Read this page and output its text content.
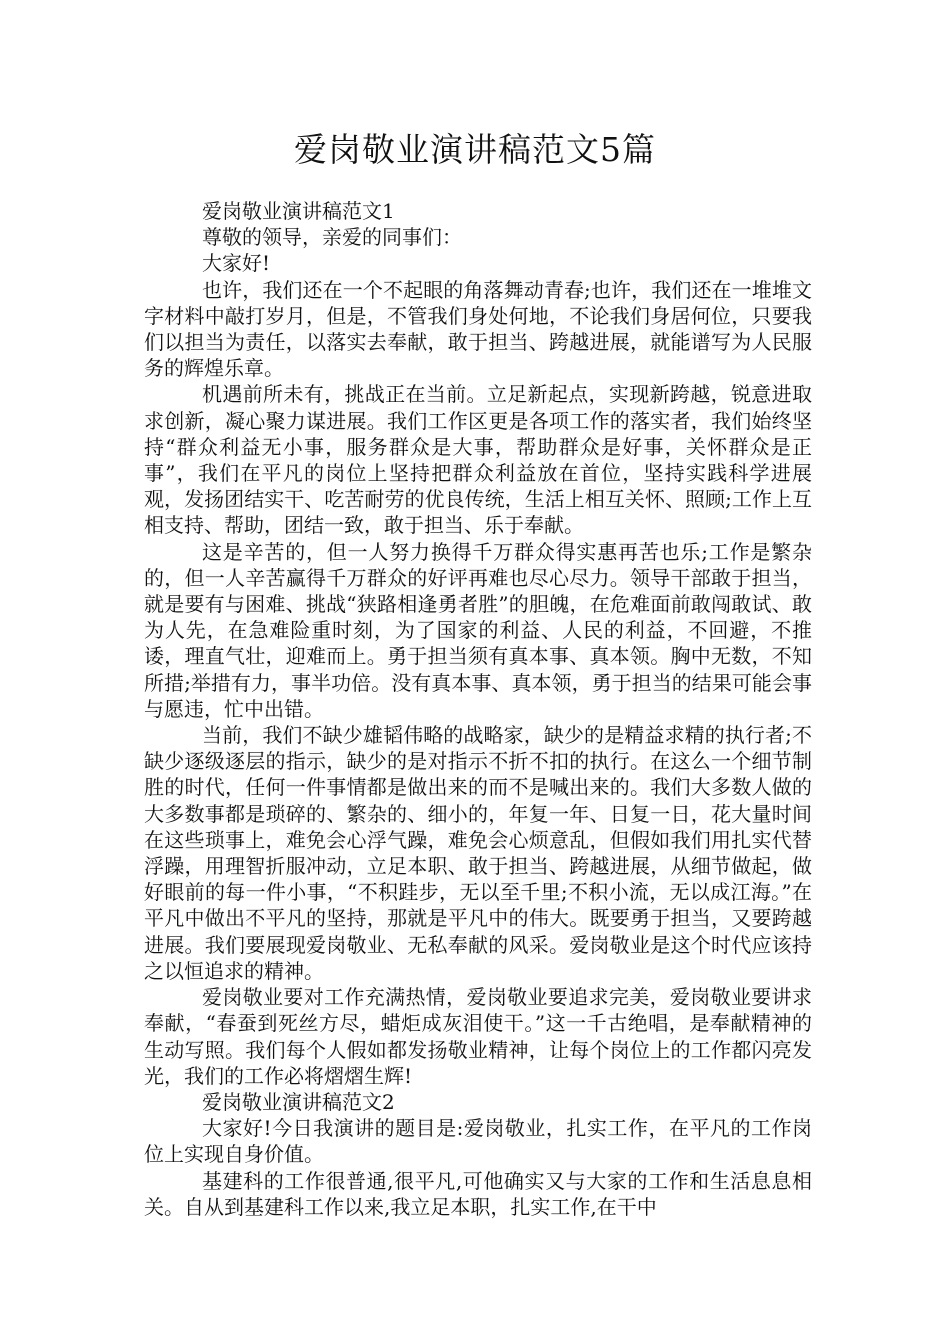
爱岗敬业演讲稿范文5篇

爱岗敬业演讲稿范文1

尊敬的领导，亲爱的同事们：

大家好!

也许，我们还在一个不起眼的角落舞动青春;也许，我们还在一堆堆文字材料中敲打岁月，但是，不管我们身处何地，不论我们身居何位，只要我们以担当为责任，以落实去奉献，敢于担当、跨越进展，就能谱写为人民服务的辉煌乐章。

机遇前所未有，挑战正在当前。立足新起点，实现新跨越，锐意进取求创新，凝心聚力谋进展。我们工作区更是各项工作的落实者，我们始终坚持“群众利益无小事，服务群众是大事，帮助群众是好事，关怀群众是正事”，我们在平凡的岗位上坚持把群众利益放在首位，坚持实践科学进展观，发扬团结实干、吃苦耐劳的优良传统，生活上相互关怀、照顾;工作上互相支持、帮助，团结一致，敢于担当、乐于奉献。

这是辛苦的，但一人努力换得千万群众得实惠再苦也乐;工作是繁杂的，但一人辛苦赢得千万群众的好评再难也尽心尽力。领导干部敢于担当，就是要有与困难、挑战“狭路相逢勇者胜”的胆魄，在危难面前敢闯敢试、敢为人先，在急难险重时刻，为了国家的利益、人民的利益，不回避，不推诿，理直气壮，迎难而上。勇于担当须有真本事、真本领。胸中无数，不知所措;举措有力，事半功倍。没有真本事、真本领，勇于担当的结果可能会事与愿违，忙中出错。

当前，我们不缺少雄韬伟略的战略家，缺少的是精益求精的执行者;不缺少逐级逐层的指示，缺少的是对指示不折不扣的执行。在这么一个细节制胜的时代，任何一件事情都是做出来的而不是喊出来的。我们大多数人做的大多数事都是琐碎的、繁杂的、细小的，年复一年、日复一日，花大量时间在这些琐事上，难免会心浮气躁，难免会心烦意乱，但假如我们用扎实代替浮躁，用理智折服冲动，立足本职、敢于担当、跨越进展，从细节做起，做好眼前的每一件小事，“不积跬步，无以至千里;不积小流，无以成江海。”在平凡中做出不平凡的坚持，那就是平凡中的伟大。既要勇于担当，又要跨越进展。我们要展现爱岗敬业、无私奉献的风采。爱岗敬业是这个时代应该持之以恒追求的精神。

爱岗敬业要对工作充满热情，爱岗敬业要追求完美，爱岗敬业要讲求奉献，“春蚕到死丝方尽，蜡炬成灰泪使干。”这一千古绝唱，是奉献精神的生动写照。我们每个人假如都发扬敬业精神，让每个岗位上的工作都闪亮发光，我们的工作必将熠熠生辉!

爱岗敬业演讲稿范文2

大家好!今日我演讲的题目是:爱岗敬业，扎实工作，在平凡的工作岗位上实现自身价值。

基建科的工作很普通,很平凡,可他确实又与大家的工作和生活息息相关。自从到基建科工作以来,我立足本职，扎实工作,在干中
